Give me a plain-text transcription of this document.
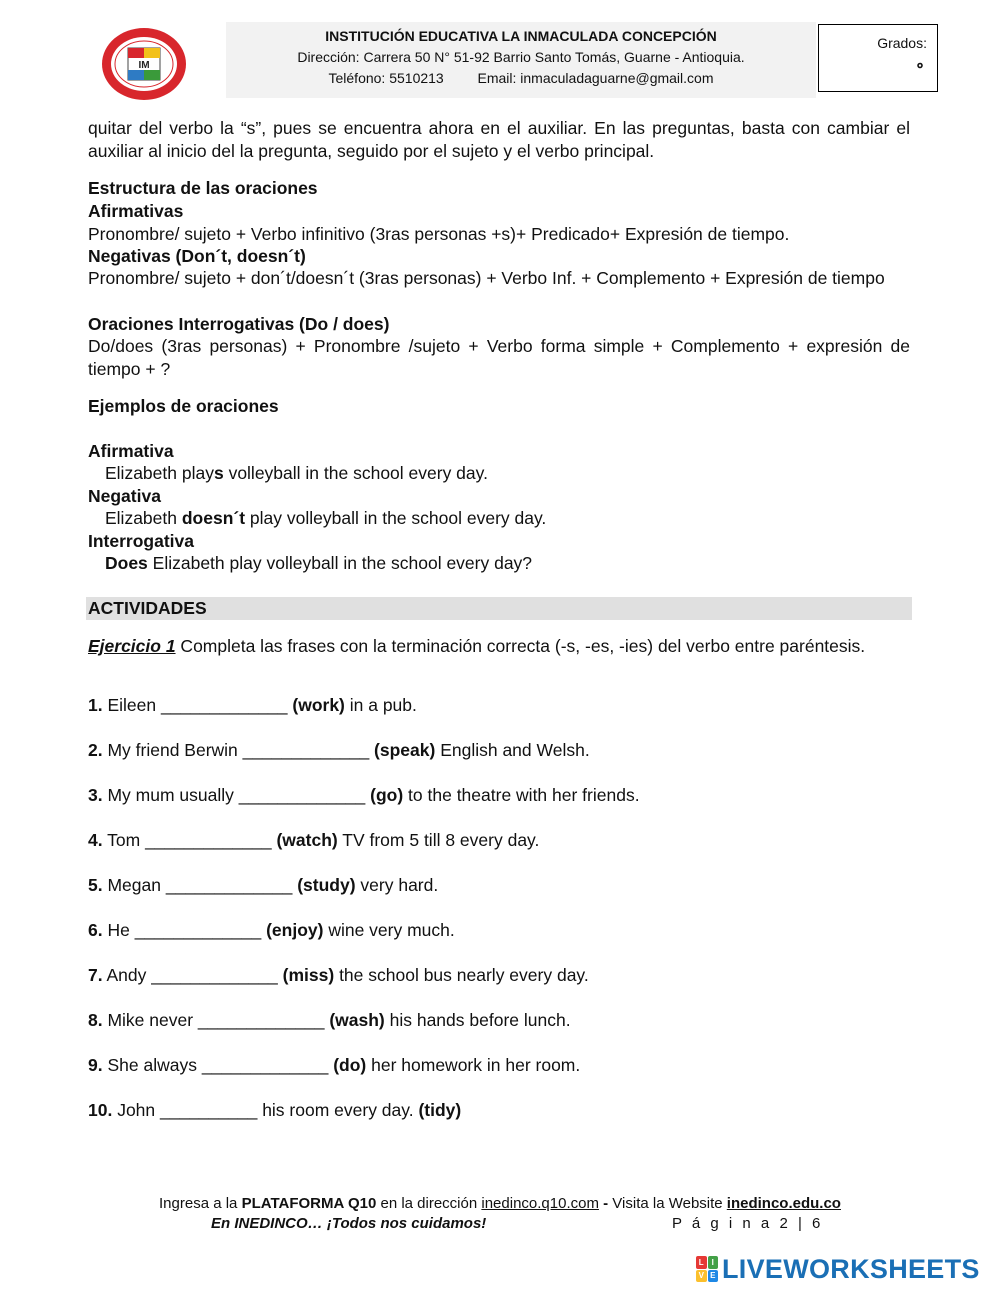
IM
INSTITUCIÓN EDUCATIVA LA INMACULADA CONCEPCIÓN
Dirección: Carrera 50 N° 51-92 Barrio Santo Tomás, Guarne - Antioquia.
Teléfono: 5510213 Email: inmaculadaguarne@gmail.com
Grados:
∘
quitar del verbo la “s”, pues se encuentra ahora en el auxiliar. En las preguntas, basta con cambiar el auxiliar al inicio del la pregunta, seguido por el sujeto y el verbo principal.
Estructura de las oraciones
Afirmativas
Pronombre/ sujeto + Verbo infinitivo (3ras personas +s)+ Predicado+ Expresión de tiempo.
Negativas (Don´t, doesn´t)
Pronombre/ sujeto + don´t/doesn´t (3ras personas) + Verbo Inf. + Complemento + Expresión de tiempo
Oraciones Interrogativas (Do / does)
Do/does (3ras personas) + Pronombre /sujeto + Verbo forma simple + Complemento + expresión de tiempo + ?
Ejemplos de oraciones
Afirmativa
Elizabeth plays volleyball in the school every day.
Negativa
Elizabeth doesn´t play volleyball in the school every day.
Interrogativa
Does Elizabeth play volleyball in the school every day?
ACTIVIDADES
Ejercicio 1 Completa las frases con la terminación correcta (-s, -es, -ies) del verbo entre paréntesis.
1. Eileen _____________ (work) in a pub.
2. My friend Berwin _____________ (speak) English and Welsh.
3. My mum usually _____________ (go) to the theatre with her friends.
4. Tom _____________ (watch) TV from 5 till 8 every day.
5. Megan _____________ (study) very hard.
6. He _____________ (enjoy) wine very much.
7. Andy _____________ (miss) the school bus nearly every day.
8. Mike never _____________ (wash) his hands before lunch.
9. She always _____________ (do) her homework in her room.
10. John __________ his room every day. (tidy)
Ingresa a la PLATAFORMA Q10 en la dirección inedinco.q10.com - Visita la Website inedinco.edu.co
En INEDINCO… ¡Todos nos cuidamos!	P á g i n a 2 | 6
L I
V E LIVEWORKSHEETS
